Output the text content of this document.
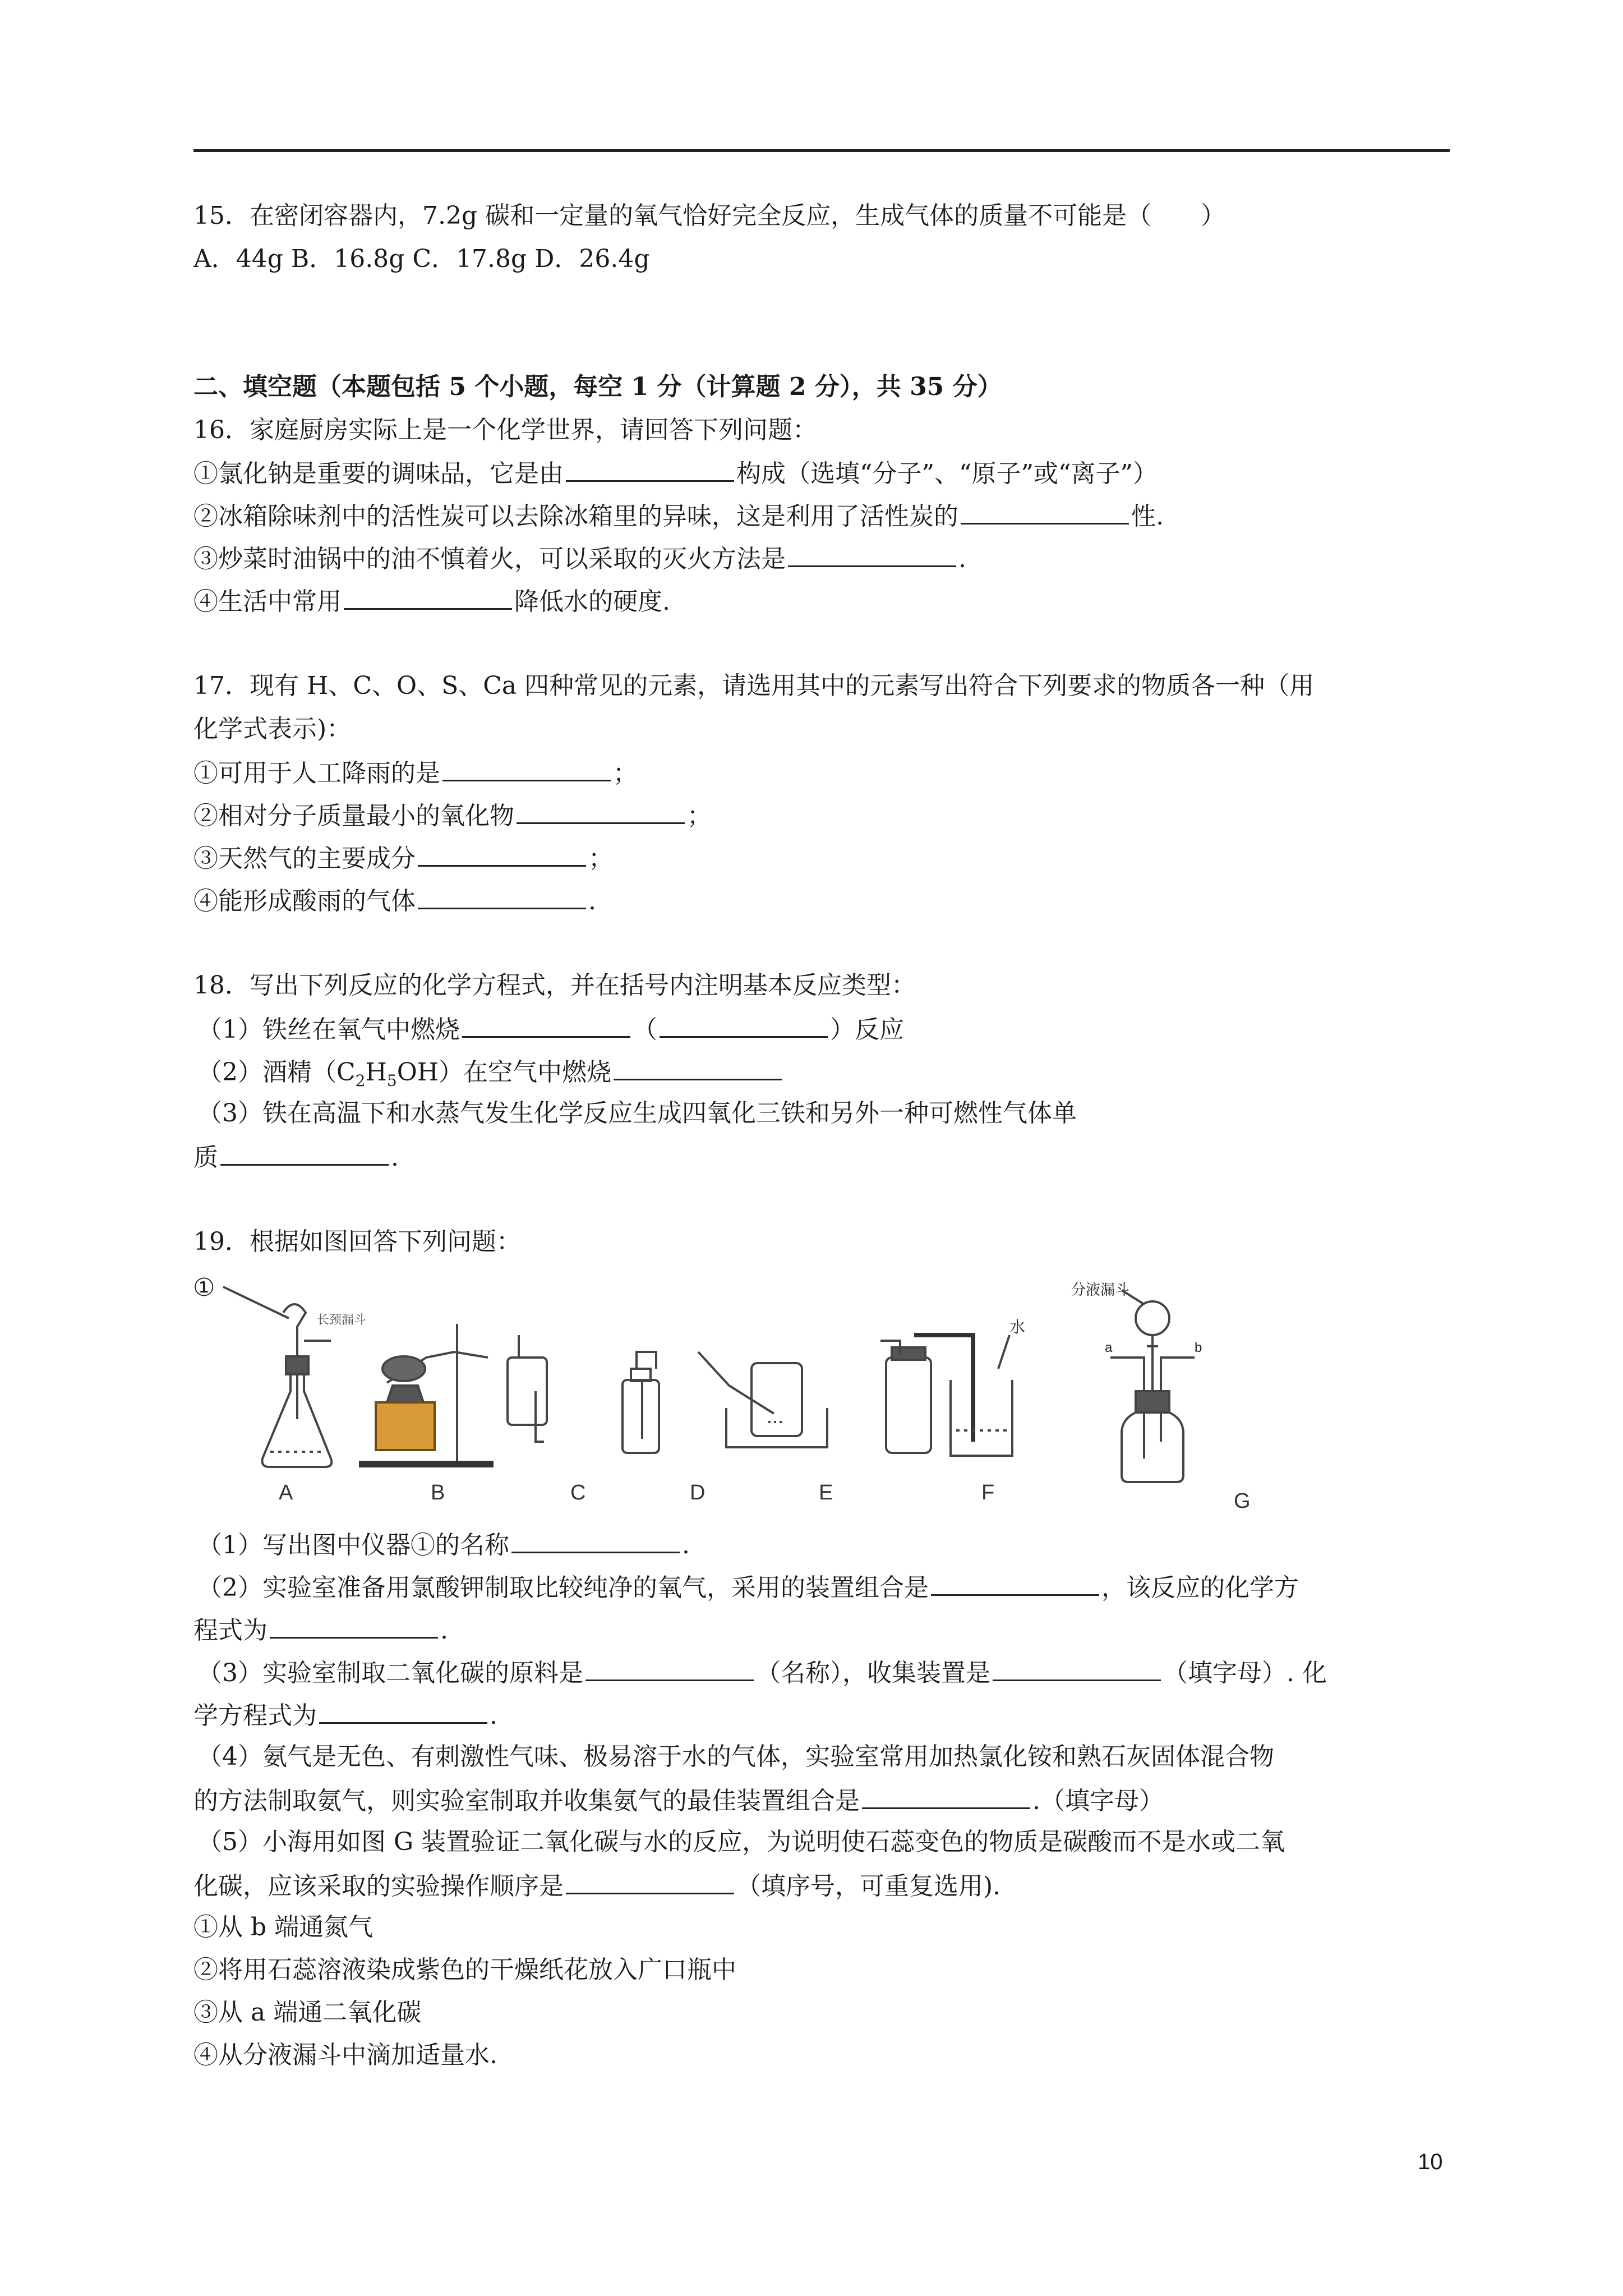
15．在密闭容器内，7.2g 碳和一定量的氧气恰好完全反应，生成气体的质量不可能是（　　）
A．44g B．16.8g C．17.8g D．26.4g
二、填空题（本题包括 5 个小题，每空 1 分（计算题 2 分），共 35 分）
16．家庭厨房实际上是一个化学世界，请回答下列问题：
①氯化钠是重要的调味品，它是由	构成（选填“分子”、“原子”或“离子”）
②冰箱除味剂中的活性炭可以去除冰箱里的异味，这是利用了活性炭的	性.
③炒菜时油锅中的油不慎着火，可以采取的灭火方法是	.
④生活中常用	降低水的硬度.
17．现有 H、C、O、S、Ca 四种常见的元素，请选用其中的元素写出符合下列要求的物质各一种（用
化学式表示)：
①可用于人工降雨的是	；
②相对分子质量最小的氧化物	；
③天然气的主要成分	；
④能形成酸雨的气体	.
18．写出下列反应的化学方程式，并在括号内注明基本反应类型：
（1）铁丝在氧气中燃烧	（	）反应
（2）酒精$(C_2H_5OH)$在空气中燃烧
（3）铁在高温下和水蒸气发生化学反应生成四氧化三铁和另外一种可燃性气体单
质	.
19．根据如图回答下列问题：
①
长颈漏斗	水
分液漏斗
a	b
A	B	C	D	E	F	G
（1）写出图中仪器①的名称	.
（2）实验室准备用氯酸钾制取比较纯净的氧气，采用的装置组合是	，该反应的化学方
程式为	.
（3）实验室制取二氧化碳的原料是	（名称），收集装置是	（填字母）. 化
学方程式为	.
（4）氨气是无色、有刺激性气味、极易溶于水的气体，实验室常用加热氯化铵和熟石灰固体混合物
的方法制取氨气，则实验室制取并收集氨气的最佳装置组合是	.（填字母）
（5）小海用如图 G 装置验证二氧化碳与水的反应，为说明使石蕊变色的物质是碳酸而不是水或二氧
化碳，应该采取的实验操作顺序是	（填序号，可重复选用).
①从 b 端通氮气
②将用石蕊溶液染成紫色的干燥纸花放入广口瓶中
③从 a 端通二氧化碳
④从分液漏斗中滴加适量水.
10
